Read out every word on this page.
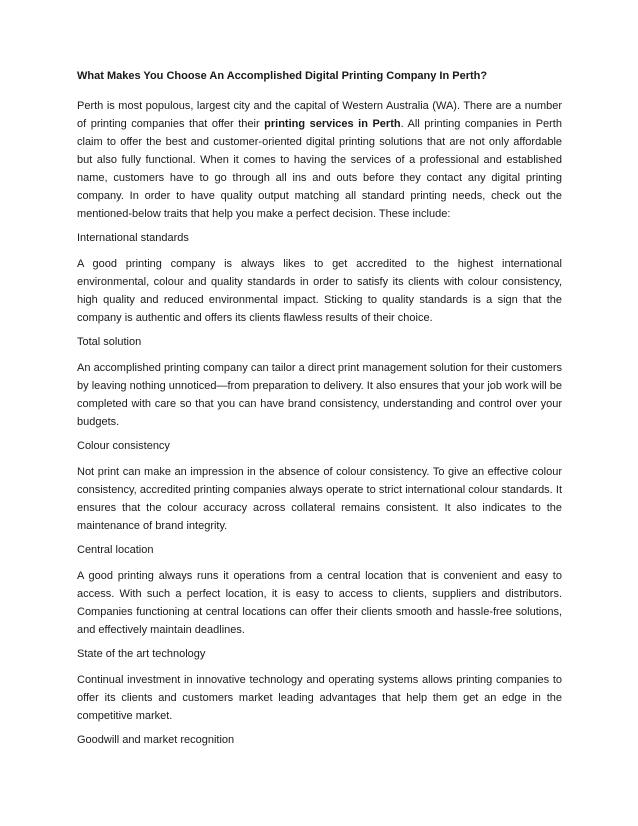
What Makes You Choose An Accomplished Digital Printing Company In Perth?

Perth is most populous, largest city and the capital of Western Australia (WA). There are a number of printing companies that offer their printing services in Perth. All printing companies in Perth claim to offer the best and customer-oriented digital printing solutions that are not only affordable but also fully functional. When it comes to having the services of a professional and established name, customers have to go through all ins and outs before they contact any digital printing company. In order to have quality output matching all standard printing needs, check out the mentioned-below traits that help you make a perfect decision. These include:

International standards

A good printing company is always likes to get accredited to the highest international environmental, colour and quality standards in order to satisfy its clients with colour consistency, high quality and reduced environmental impact. Sticking to quality standards is a sign that the company is authentic and offers its clients flawless results of their choice.

Total solution

An accomplished printing company can tailor a direct print management solution for their customers by leaving nothing unnoticed—from preparation to delivery. It also ensures that your job work will be completed with care so that you can have brand consistency, understanding and control over your budgets.

Colour consistency

Not print can make an impression in the absence of colour consistency. To give an effective colour consistency, accredited printing companies always operate to strict international colour standards. It ensures that the colour accuracy across collateral remains consistent. It also indicates to the maintenance of brand integrity.

Central location

A good printing always runs it operations from a central location that is convenient and easy to access. With such a perfect location, it is easy to access to clients, suppliers and distributors. Companies functioning at central locations can offer their clients smooth and hassle-free solutions, and effectively maintain deadlines.

State of the art technology

Continual investment in innovative technology and operating systems allows printing companies to offer its clients and customers market leading advantages that help them get an edge in the competitive market.

Goodwill and market recognition
